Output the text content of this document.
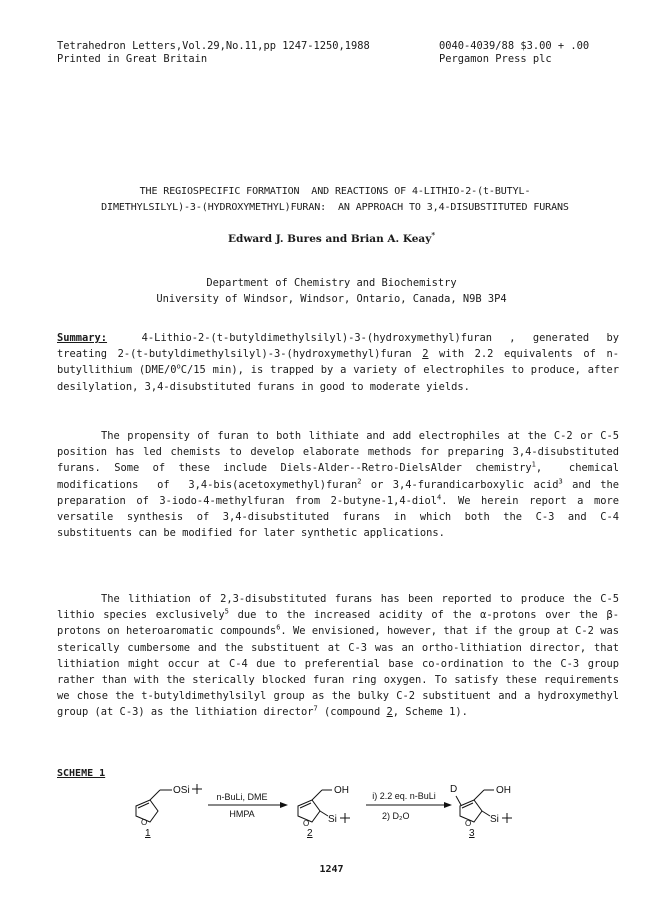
Tetrahedron Letters,Vol.29,No.11,pp 1247-1250,1988	0040-4039/88 $3.00 + .00
Printed in Great Britain	Pergamon Press plc
THE REGIOSPECIFIC FORMATION  AND REACTIONS OF 4-LITHIO-2-(t-BUTYL-
DIMETHYLSILYL)-3-(HYDROXYMETHYL)FURAN:  AN APPROACH TO 3,4-DISUBSTITUTED FURANS
Edward J. Bures and Brian A. Keay*
Department of Chemistry and Biochemistry
University of Windsor, Windsor, Ontario, Canada, N9B 3P4

Summary:  4-Lithio-2-(t-butyldimethylsilyl)-3-(hydroxymethyl)furan , generated by treating 2-(t-butyldimethylsilyl)-3-(hydroxymethyl)furan 2 with 2.2 equivalents of n-butyllithium (DME/0$^o$C/15 min), is trapped by a variety of electrophiles to produce, after desilylation, 3,4-disubstituted furans in good to moderate yields.

The propensity of furan to both lithiate and add electrophiles at the C-2 or C-5 position has led chemists to develop elaborate methods for preparing 3,4-disubstituted furans. Some of these include Diels-Alder--Retro-DielsAlder chemistry$^1$,  chemical  modifications  of  3,4-bis(acetoxymethyl)furan$^2$ or 3,4-furandicarboxylic acid$^3$ and the preparation of 3-iodo-4-methylfuran from 2-butyne-1,4-diol$^4$. We herein report a more versatile synthesis of 3,4-disubstituted furans in which both the C-3 and C-4 substituents can be modified for later synthetic applications.

The lithiation of 2,3-disubstituted furans has been reported to produce the C-5 lithio species exclusively$^5$ due to the increased acidity of the α-protons over the β-protons on heteroaromatic compounds$^6$. We envisioned, however, that if the group at C-2 was sterically cumbersome and the substituent at C-3 was an ortho-lithiation director, that lithiation might occur at C-4 due to preferential base co-ordination to the C-3 group rather than with the sterically blocked furan ring oxygen. To satisfy these requirements we chose the t-butyldimethylsilyl group as the bulky C-2 substituent and a hydroxymethyl group (at C-3) as the lithiation director$^7$ (compound 2, Scheme 1).

SCHEME 1
OSi
O
1
n-BuLi, DME
HMPA
OH
Si
O
2
i) 2.2 eq. n-BuLi
2) D₂O
D	OH
Si
O
3
1247
